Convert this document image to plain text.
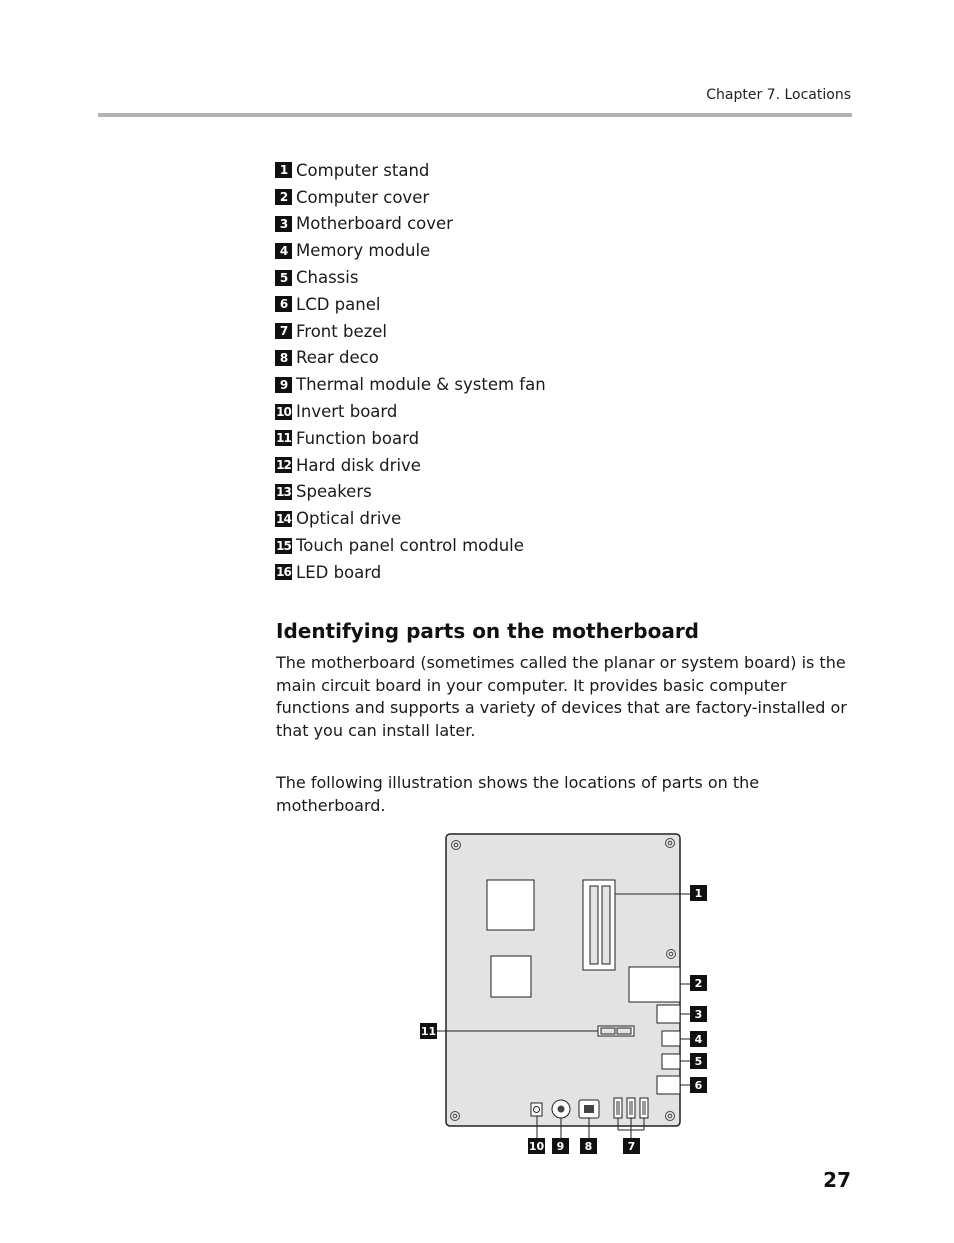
Chapter 7. Locations
1 Computer stand
2 Computer cover
3 Motherboard cover
4 Memory module
5 Chassis
6 LCD panel
7 Front bezel
8 Rear deco
9 Thermal module & system fan
10 Invert board
11 Function board
12 Hard disk drive
13 Speakers
14 Optical drive
15 Touch panel control module
16 LED board
Identifying parts on the motherboard

The motherboard (sometimes called the planar or system board) is the main circuit board in your computer. It provides basic computer functions and supports a variety of devices that are factory-installed or that you can install later.

The following illustration shows the locations of parts on the motherboard.

1
2
3
4
5
6
7
8
9
10
11
27
